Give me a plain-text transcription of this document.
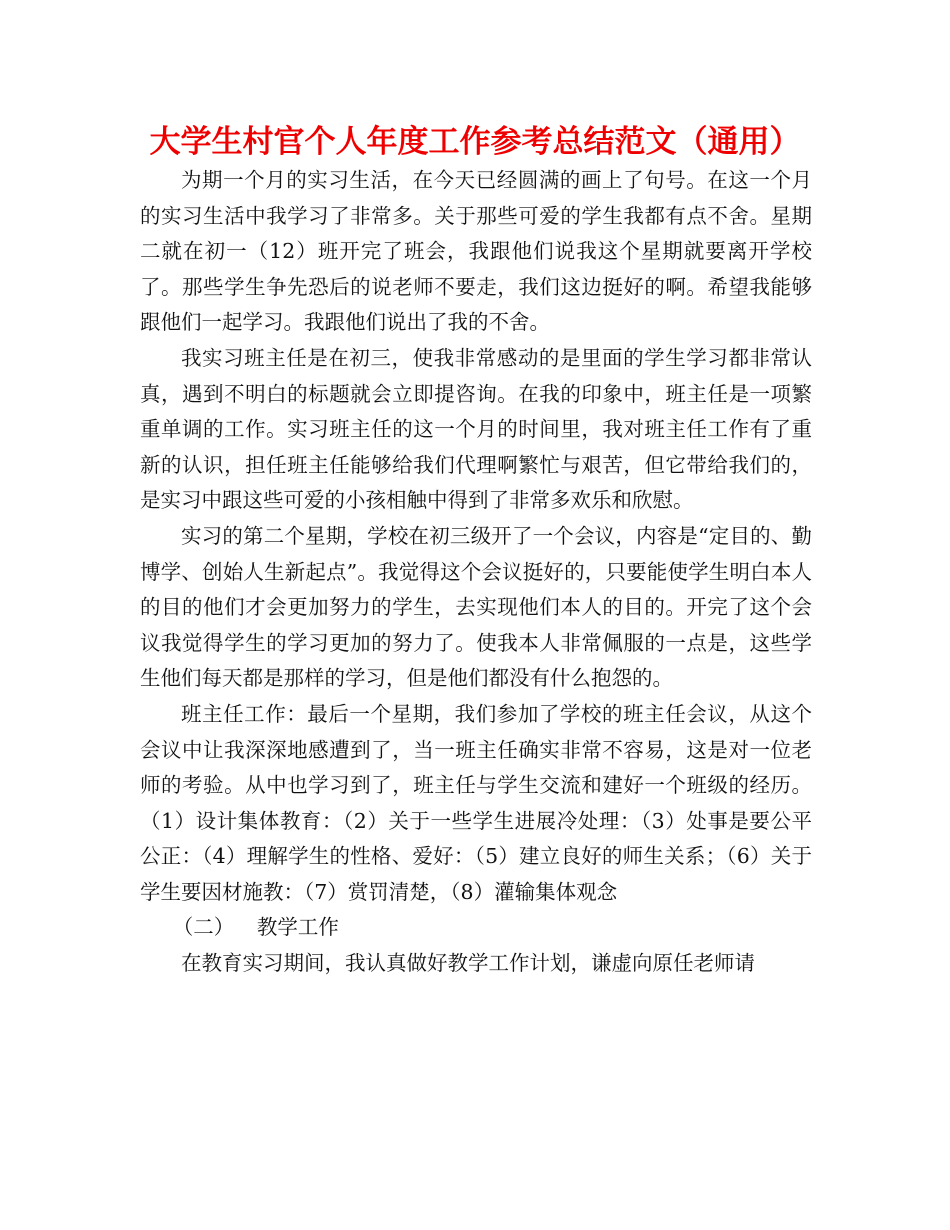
大学生村官个人年度工作参考总结范文（通用）

为期一个月的实习生活，在今天已经圆满的画上了句号。在这一个月的实习生活中我学习了非常多。关于那些可爱的学生我都有点不舍。星期二就在初一（12）班开完了班会，我跟他们说我这个星期就要离开学校了。那些学生争先恐后的说老师不要走，我们这边挺好的啊。希望我能够跟他们一起学习。我跟他们说出了我的不舍。

我实习班主任是在初三，使我非常感动的是里面的学生学习都非常认真，遇到不明白的标题就会立即提咨询。在我的印象中，班主任是一项繁重单调的工作。实习班主任的这一个月的时间里，我对班主任工作有了重新的认识，担任班主任能够给我们代理啊繁忙与艰苦，但它带给我们的，是实习中跟这些可爱的小孩相触中得到了非常多欢乐和欣慰。

实习的第二个星期，学校在初三级开了一个会议，内容是“定目的、勤博学、创始人生新起点”。我觉得这个会议挺好的，只要能使学生明白本人的目的他们才会更加努力的学生，去实现他们本人的目的。开完了这个会议我觉得学生的学习更加的努力了。使我本人非常佩服的一点是，这些学生他们每天都是那样的学习，但是他们都没有什么抱怨的。

班主任工作：最后一个星期，我们参加了学校的班主任会议，从这个会议中让我深深地感遭到了，当一班主任确实非常不容易，这是对一位老师的考验。从中也学习到了，班主任与学生交流和建好一个班级的经历。（1）设计集体教育：（2）关于一些学生进展冷处理：（3）处事是要公平公正：（4）理解学生的性格、爱好：（5）建立良好的师生关系；（6）关于学生要因材施教：（7）赏罚清楚，（8）灌输集体观念

（二） 教学工作

在教育实习期间，我认真做好教学工作计划，谦虚向原任老师请
